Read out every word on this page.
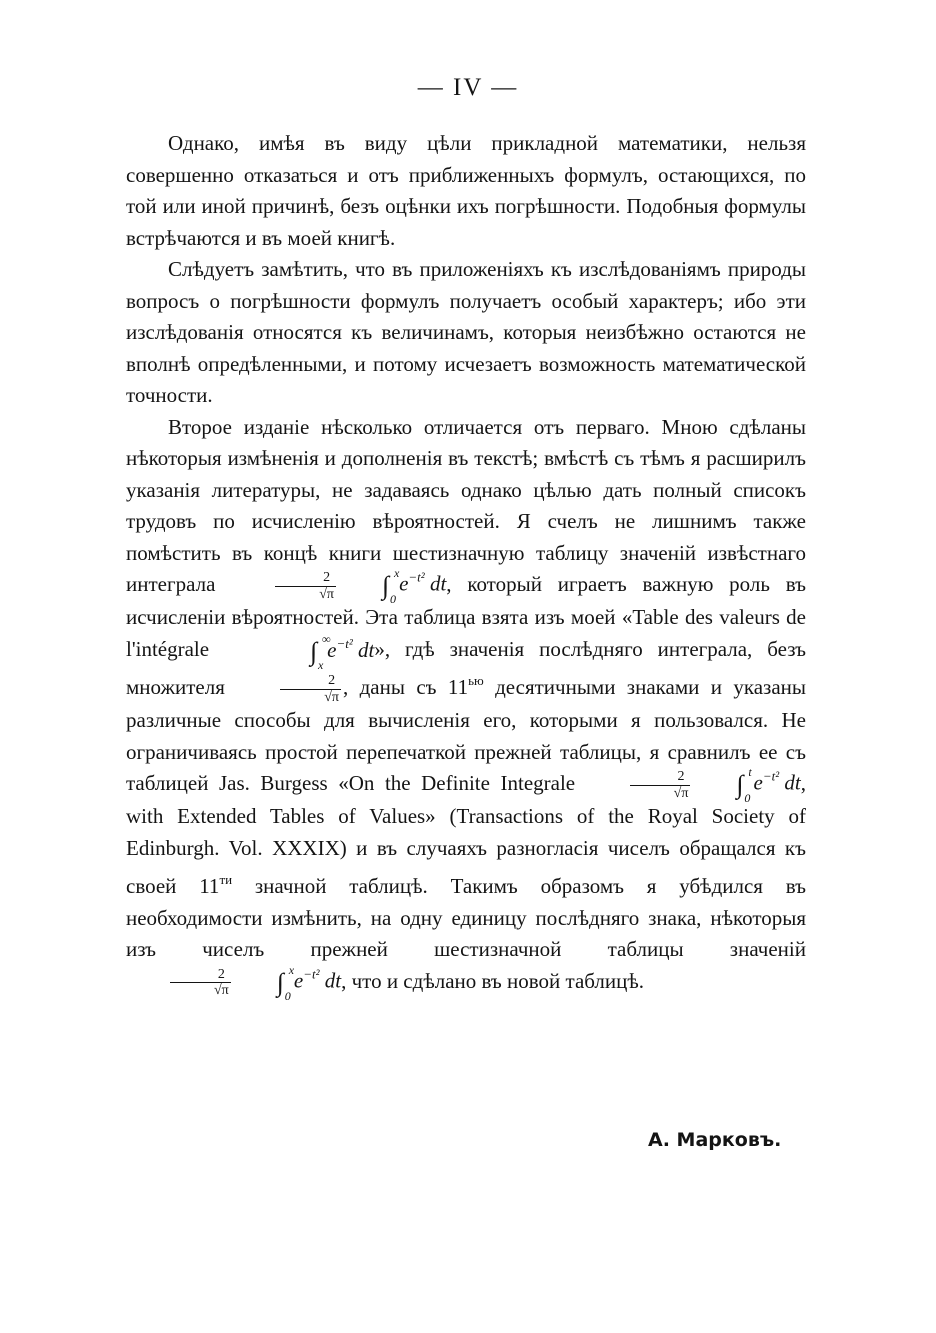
— IV —

Однако, имѣя въ виду цѣли прикладной математики, нельзя совершенно отказаться и отъ приближенныхъ формулъ, остающихся, по той или иной причинѣ, безъ оцѣнки ихъ погрѣшности. Подобныя формулы встрѣчаются и въ моей книгѣ.

Слѣдуетъ замѣтить, что въ приложеніяхъ къ изслѣдованіямъ природы вопросъ о погрѣшности формулъ получаетъ особый характеръ; ибо эти изслѣдованія относятся къ величинамъ, которыя неизбѣжно остаются не вполнѣ опредѣленными, и потому исчезаетъ возможность математической точности.

Второе изданіе нѣсколько отличается отъ перваго. Мною сдѣланы нѣкоторыя измѣненія и дополненія въ текстѣ; вмѣстѣ съ тѣмъ я расширилъ указанія литературы, не задаваясь однако цѣлью дать полный списокъ трудовъ по исчисленію вѣроятностей. Я счелъ не лишнимъ также помѣстить въ концѣ книги шестизначную таблицу значеній извѣстнаго интеграла	$\frac{2}{√\pi}$ ∫ x
0
$e^{-t^2}$ dt, который играетъ важную роль въ исчисленіи вѣроятностей. Эта таблица взята изъ моей «Table des valeurs de l'intégrale	∫ ∞
x
$e^{-t^2}$ dt», гдѣ значенія послѣдняго интеграла, безъ множителя	$\frac{2}{√\pi}$ , даны съ $11^{ью}$ десятичными знаками и указаны различные способы для вычисленія его, которыми я пользовался. Не ограничиваясь простой перепечаткой прежней таблицы, я сравнилъ ее съ таблицей Jas. Burgess «On the Definite Integrale	$\frac{2}{√\pi}$ ∫ t
0
$e^{-t^2}$ dt, with Extended Tables of Values» (Transactions of the Royal Society of Edinburgh. Vol. XXXIX) и въ случаяхъ разногласія чиселъ обращался къ своей $11^{ти}$ значной таблицѣ. Такимъ образомъ я убѣдился въ необходимости измѣнить, на одну единицу послѣдняго знака, нѣкоторыя изъ чиселъ прежней шестизначной таблицы значеній
$\frac{2}{√\pi}$ ∫ x
0
$e^{-t^2}$ dt, что и сдѣлано въ новой таблицѣ.

А. Марковъ.
